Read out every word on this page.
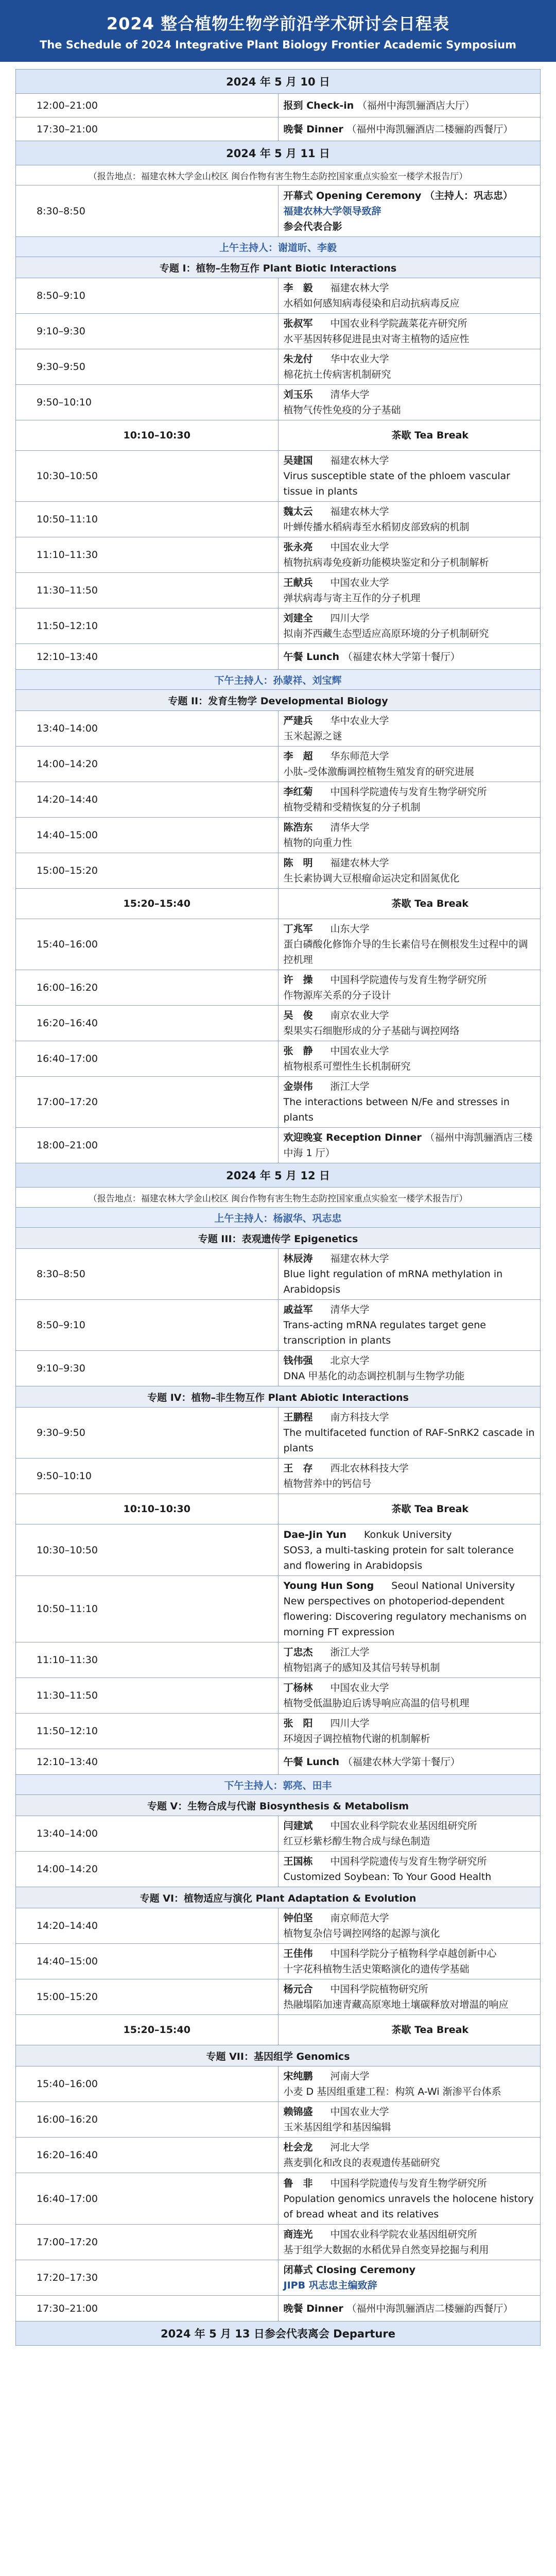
2024 整合植物生物学前沿学术研讨会日程表
The Schedule of 2024 Integrative Plant Biology Frontier Academic Symposium
2024 年 5 月 10 日	
12:00–21:00	报到 Check-in （福州中海凯骊酒店大厅）

17:30–21:00	晚餐 Dinner （福州中海凯骊酒店二楼骊韵西餐厅）

2024 年 5 月 11 日	
（报告地点：福建农林大学金山校区 闽台作物有害生物生态防控国家重点实验室一楼学术报告厅）	
8:30–8:50	开幕式 Opening Ceremony （主持人：巩志忠）
福建农林大学领导致辞
参会代表合影

上午主持人：谢道昕、李毅	
专题 I：植物–生物互作 Plant Biotic Interactions	
8:50–9:10	李　毅 福建农林大学
水稻如何感知病毒侵染和启动抗病毒反应

9:10–9:30	张叔军 中国农业科学院蔬菜花卉研究所
水平基因转移促进昆虫对寄主植物的适应性

9:30–9:50	朱龙付 华中农业大学
棉花抗土传病害机制研究

9:50–10:10	刘玉乐 清华大学
植物气传性免疫的分子基础

10:10–10:30	茶歇 Tea Break
10:30–10:50	吴建国 福建农林大学
Virus susceptible state of the phloem vascular tissue in plants

10:50–11:10	魏太云 福建农林大学
叶蝉传播水稻病毒至水稻韧皮部致病的机制

11:10–11:30	张永亮 中国农业大学
植物抗病毒免疫新功能模块鉴定和分子机制解析

11:30–11:50	王献兵 中国农业大学
弹状病毒与寄主互作的分子机理

11:50–12:10	刘建全 四川大学
拟南芥西藏生态型适应高原环境的分子机制研究

12:10–13:40	午餐 Lunch （福建农林大学第十餐厅）

下午主持人：孙蒙祥、刘宝辉	
专题 II：发育生物学 Developmental Biology	
13:40–14:00	严建兵 华中农业大学
玉米起源之谜

14:00–14:20	李　超 华东师范大学
小肽–受体激酶调控植物生殖发育的研究进展

14:20–14:40	李红菊 中国科学院遗传与发育生物学研究所
植物受精和受精恢复的分子机制

14:40–15:00	陈浩东 清华大学
植物的向重力性

15:00–15:20	陈　明 福建农林大学
生长素协调大豆根瘤命运决定和固氮优化

15:20–15:40	茶歇 Tea Break
15:40–16:00	丁兆军 山东大学
蛋白磷酸化修饰介导的生长素信号在侧根发生过程中的调控机理

16:00–16:20	许　操 中国科学院遗传与发育生物学研究所
作物源库关系的分子设计

16:20–16:40	吴　俊 南京农业大学
梨果实石细胞形成的分子基础与调控网络

16:40–17:00	张　静 中国农业大学
植物根系可塑性生长机制研究

17:00–17:20	金崇伟 浙江大学
The interactions between N/Fe and stresses in plants

18:00–21:00	欢迎晚宴 Reception Dinner （福州中海凯骊酒店三楼中海 1 厅）

2024 年 5 月 12 日	
（报告地点：福建农林大学金山校区 闽台作物有害生物生态防控国家重点实验室一楼学术报告厅）	
上午主持人：杨淑华、巩志忠	
专题 III：表观遗传学 Epigenetics	
8:30–8:50	林辰涛 福建农林大学
Blue light regulation of mRNA methylation in Arabidopsis

8:50–9:10	戚益军 清华大学
Trans-acting mRNA regulates target gene transcription in plants

9:10–9:30	钱伟强 北京大学
DNA 甲基化的动态调控机制与生物学功能

专题 IV：植物–非生物互作 Plant Abiotic Interactions	
9:30–9:50	王鹏程 南方科技大学
The multifaceted function of RAF-SnRK2 cascade in plants

9:50–10:10	王　存 西北农林科技大学
植物营养中的钙信号

10:10–10:30	茶歇 Tea Break
10:30–10:50	Dae-Jin Yun Konkuk University
SOS3, a multi-tasking protein for salt tolerance and flowering in Arabidopsis

10:50–11:10	Young Hun Song Seoul National University
New perspectives on photoperiod-dependent flowering: Discovering regulatory mechanisms on morning FT expression

11:10–11:30	丁忠杰 浙江大学
植物铝离子的感知及其信号转导机制

11:30–11:50	丁杨林 中国农业大学
植物受低温胁迫后诱导响应高温的信号机理

11:50–12:10	张　阳 四川大学
环境因子调控植物代谢的机制解析

12:10–13:40	午餐 Lunch （福建农林大学第十餐厅）

下午主持人：郭亮、田丰	
专题 V：生物合成与代谢 Biosynthesis & Metabolism	
13:40–14:00	闫建斌 中国农业科学院农业基因组研究所
红豆杉紫杉醇生物合成与绿色制造

14:00–14:20	王国栋 中国科学院遗传与发育生物学研究所
Customized Soybean: To Your Good Health

专题 VI：植物适应与演化 Plant Adaptation & Evolution	
14:20–14:40	钟伯坚 南京师范大学
植物复杂信号调控网络的起源与演化

14:40–15:00	王佳伟 中国科学院分子植物科学卓越创新中心
十字花科植物生活史策略演化的遗传学基础

15:00–15:20	杨元合 中国科学院植物研究所
热融塌陷加速青藏高原寒地土壤碳释放对增温的响应

15:20–15:40	茶歇 Tea Break
专题 VII：基因组学 Genomics	
15:40–16:00	宋纯鹏 河南大学
小麦 D 基因组重建工程：构筑 A-Wi 渐渗平台体系

16:00–16:20	赖锦盛 中国农业大学
玉米基因组学和基因编辑

16:20–16:40	杜会龙 河北大学
燕麦驯化和改良的表观遗传基础研究

16:40–17:00	鲁　非 中国科学院遗传与发育生物学研究所
Population genomics unravels the holocene history of bread wheat and its relatives

17:00–17:20	商连光 中国农业科学院农业基因组研究所
基于组学大数据的水稻优异自然变异挖掘与利用

17:20–17:30	闭幕式 Closing Ceremony
JIPB 巩志忠主编致辞

17:30–21:00	晚餐 Dinner （福州中海凯骊酒店二楼骊韵西餐厅）

2024 年 5 月 13 日参会代表离会 Departure	
